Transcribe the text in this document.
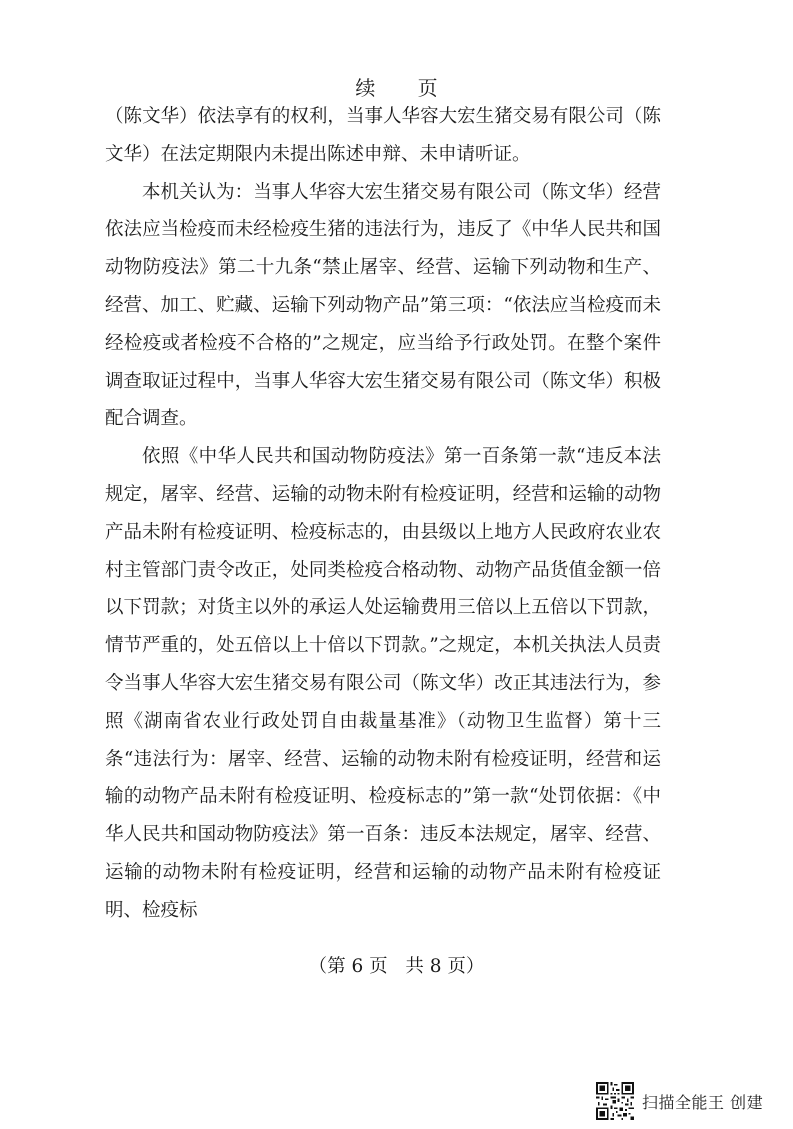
续 页

（陈文华）依法享有的权利，当事人华容大宏生猪交易有限公司（陈文华）在法定期限内未提出陈述申辩、未申请听证。

本机关认为：当事人华容大宏生猪交易有限公司（陈文华）经营依法应当检疫而未经检疫生猪的违法行为，违反了《中华人民共和国动物防疫法》第二十九条“禁止屠宰、经营、运输下列动物和生产、经营、加工、贮藏、运输下列动物产品”第三项：“依法应当检疫而未经检疫或者检疫不合格的”之规定，应当给予行政处罚。在整个案件调查取证过程中，当事人华容大宏生猪交易有限公司（陈文华）积极配合调查。

依照《中华人民共和国动物防疫法》第一百条第一款“违反本法规定，屠宰、经营、运输的动物未附有检疫证明，经营和运输的动物产品未附有检疫证明、检疫标志的，由县级以上地方人民政府农业农村主管部门责令改正，处同类检疫合格动物、动物产品货值金额一倍以下罚款；对货主以外的承运人处运输费用三倍以上五倍以下罚款，情节严重的，处五倍以上十倍以下罚款。”之规定，本机关执法人员责令当事人华容大宏生猪交易有限公司（陈文华）改正其违法行为，参照《湖南省农业行政处罚自由裁量基准》（动物卫生监督）第十三条“违法行为：屠宰、经营、运输的动物未附有检疫证明，经营和运输的动物产品未附有检疫证明、检疫标志的”第一款“处罚依据：《中华人民共和国动物防疫法》第一百条：违反本法规定，屠宰、经营、运输的动物未附有检疫证明，经营和运输的动物产品未附有检疫证明、检疫标

（第 6 页   共 8 页）
扫描全能王 创建
